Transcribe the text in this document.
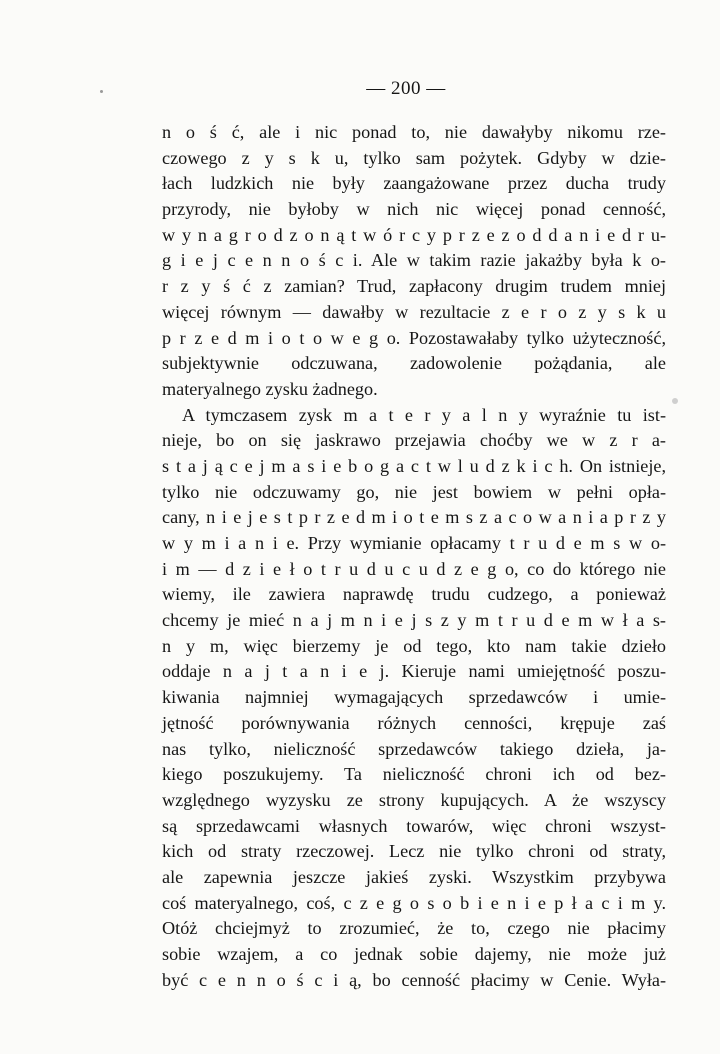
— 200 —
n o ś ć, ale i nic ponad to, nie dawałyby nikomu rze-
czowego z y s k u, tylko sam pożytek. Gdyby w dzie-
łach ludzkich nie były zaangażowane przez ducha trudy
przyrody, nie byłoby w nich nic więcej ponad cenność,
w y n a g r o d z o n ą t w ó r c y p r z e z o d d a n i e d r u-
g i e j c e n n o ś c i. Ale w takim razie jakażby była k o-
r z y ś ć z zamian? Trud, zapłacony drugim trudem mniej
więcej równym — dawałby w rezultacie z e r o z y s k u
p r z e d m i o t o w e g o. Pozostawałaby tylko użyteczność,
subjektywnie odczuwana, zadowolenie pożądania, ale
materyalnego zysku żadnego.
A tymczasem zysk m a t e r y a l n y wyraźnie tu ist-
nieje, bo on się jaskrawo przejawia choćby we w z r a-
s t a j ą c e j m a s i e b o g a c t w l u d z k i c h. On istnieje,
tylko nie odczuwamy go, nie jest bowiem w pełni opła-
cany, n i e j e s t p r z e d m i o t e m s z a c o w a n i a p r z y
w y m i a n i e. Przy wymianie opłacamy t r u d e m s w o-
i m — d z i e ł o t r u d u c u d z e g o, co do którego nie
wiemy, ile zawiera naprawdę trudu cudzego, a ponieważ
chcemy je mieć n a j m n i e j s z y m t r u d e m w ł a s-
n y m, więc bierzemy je od tego, kto nam takie dzieło
oddaje n a j t a n i e j. Kieruje nami umiejętność poszu-
kiwania najmniej wymagających sprzedawców i umie-
jętność porównywania różnych cenności, krępuje zaś
nas tylko, nieliczność sprzedawców takiego dzieła, ja-
kiego poszukujemy. Ta nieliczność chroni ich od bez-
względnego wyzysku ze strony kupujących. A że wszyscy
są sprzedawcami własnych towarów, więc chroni wszyst-
kich od straty rzeczowej. Lecz nie tylko chroni od straty,
ale zapewnia jeszcze jakieś zyski. Wszystkim przybywa
coś materyalnego, coś, c z e g o s o b i e n i e p ł a c i m y.
Otóż chciejmyż to zrozumieć, że to, czego nie płacimy
sobie wzajem, a co jednak sobie dajemy, nie może już
być c e n n o ś c i ą, bo cenność płacimy w Cenie. Wyła-
